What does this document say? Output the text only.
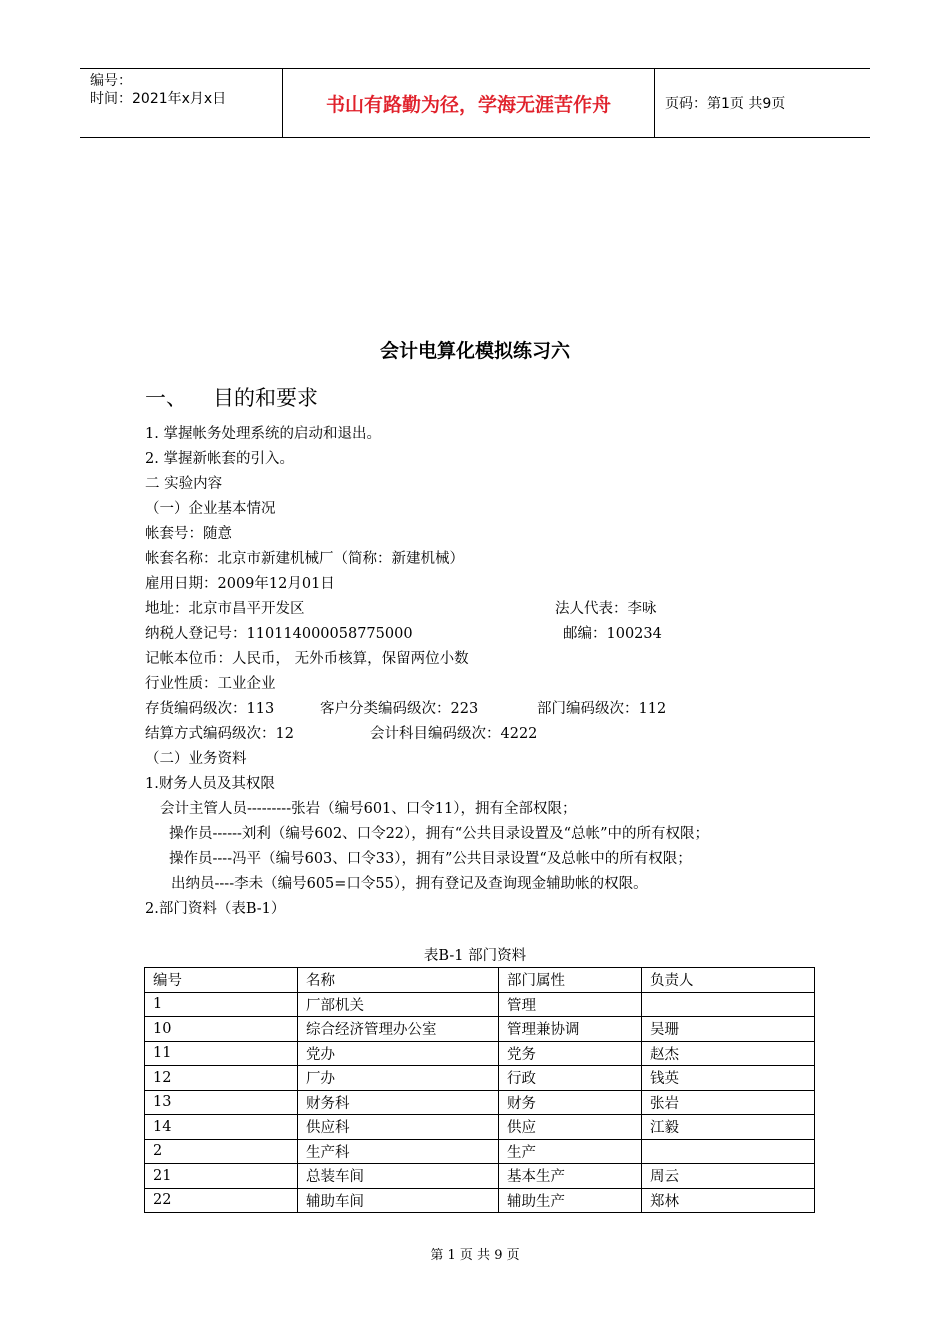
编号：
时间：2021年x月x日	书山有路勤为径，学海无涯苦作舟	页码：第1页 共9页
会计电算化模拟练习六
一、 目的和要求
1. 掌握帐务处理系统的启动和退出。
2. 掌握新帐套的引入。
二 实验内容
（一）企业基本情况
帐套号：随意
帐套名称：北京市新建机械厂（简称：新建机械）
雇用日期：2009年12月01日
地址：北京市昌平开发区	法人代表：李咏
纳税人登记号：110114000058775000	邮编：100234
记帐本位币：人民币， 无外币核算，保留两位小数
行业性质：工业企业
存货编码级次：113	客户分类编码级次：223	部门编码级次：112
结算方式编码级次：12	会计科目编码级次：4222
（二）业务资料
1.财务人员及其权限
会计主管人员---------张岩（编号601、口令11），拥有全部权限；
操作员------刘利（编号602、口令22），拥有“公共目录设置及“总帐”中的所有权限；
操作员----冯平（编号603、口令33），拥有”公共目录设置“及总帐中的所有权限；
出纳员----李未（编号605=口令55），拥有登记及查询现金辅助帐的权限。
2.部门资料（表B-1）
表B-1 部门资料
编号	名称	部门属性	负责人
1	厂部机关	管理	
10	综合经济管理办公室	管理兼协调	吴珊
11	党办	党务	赵杰
12	厂办	行政	钱英
13	财务科	财务	张岩
14	供应科	供应	江毅
2	生产科	生产	
21	总装车间	基本生产	周云
22	辅助车间	辅助生产	郑林
第 1 页 共 9 页
